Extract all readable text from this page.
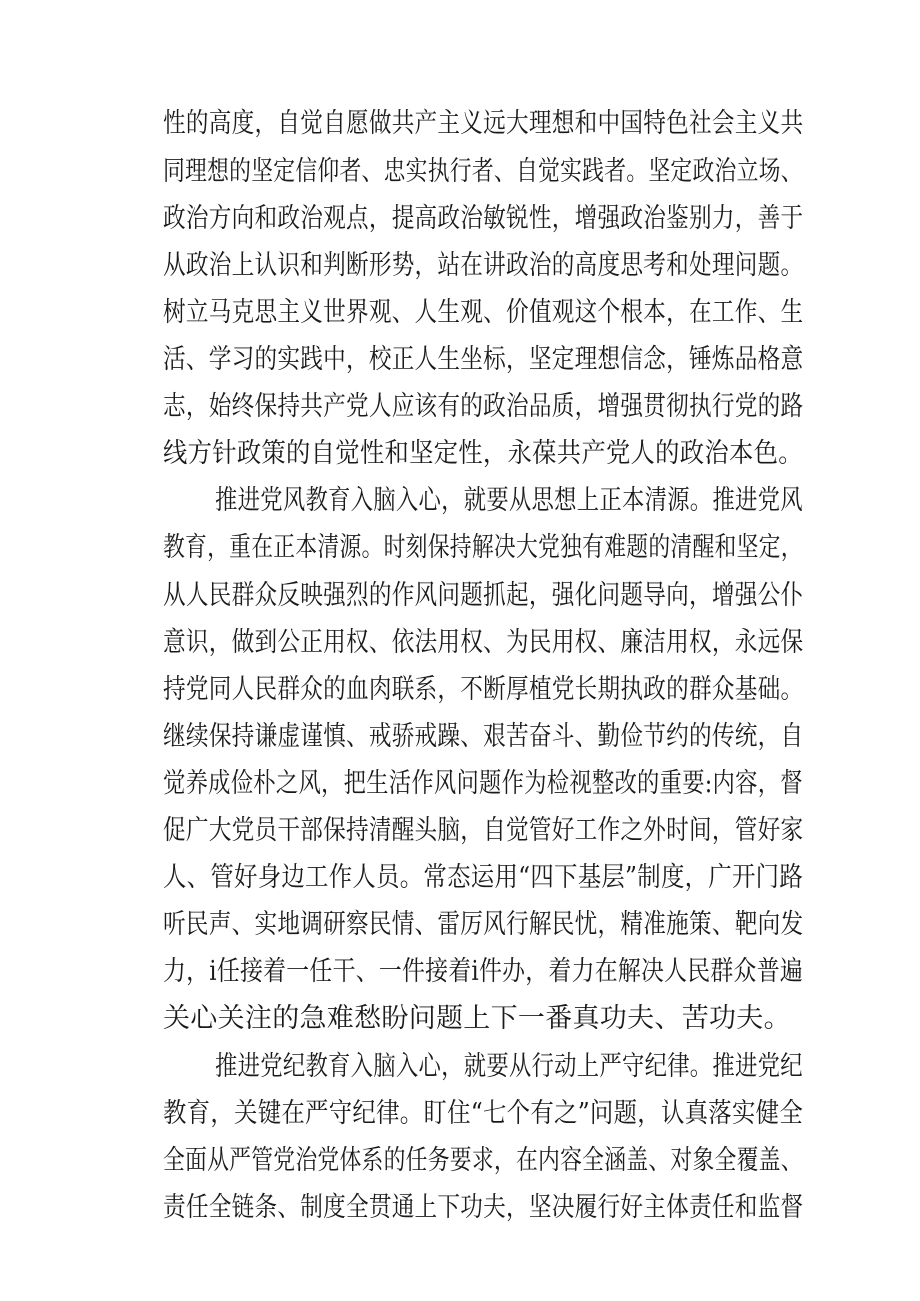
性的高度，自觉自愿做共产主义远大理想和中国特色社会主义共
同理想的坚定信仰者、忠实执行者、自觉实践者。坚定政治立场、
政治方向和政治观点，提高政治敏锐性，增强政治鉴别力，善于
从政治上认识和判断形势，站在讲政治的高度思考和处理问题。
树立马克思主义世界观、人生观、价值观这个根本，在工作、生
活、学习的实践中，校正人生坐标，坚定理想信念，锤炼品格意
志，始终保持共产党人应该有的政治品质，增强贯彻执行党的路
线方针政策的自觉性和坚定性，永葆共产党人的政治本色。
推进党风教育入脑入心，就要从思想上正本清源。推进党风
教育，重在正本清源。时刻保持解决大党独有难题的清醒和坚定，
从人民群众反映强烈的作风问题抓起，强化问题导向，增强公仆
意识，做到公正用权、依法用权、为民用权、廉洁用权，永远保
持党同人民群众的血肉联系，不断厚植党长期执政的群众基础。
继续保持谦虚谨慎、戒骄戒躁、艰苦奋斗、勤俭节约的传统，自
觉养成俭朴之风，把生活作风问题作为检视整改的重要:内容，督
促广大党员干部保持清醒头脑，自觉管好工作之外时间，管好家
人、管好身边工作人员。常态运用“四下基层”制度，广开门路
听民声、实地调研察民情、雷厉风行解民忧，精准施策、靶向发
力，i任接着一任干、一件接着i件办，着力在解决人民群众普遍
关心关注的急难愁盼问题上下一番真功夫、苦功夫。
推进党纪教育入脑入心，就要从行动上严守纪律。推进党纪
教育，关键在严守纪律。盯住“七个有之”问题，认真落实健全
全面从严管党治党体系的任务要求，在内容全涵盖、对象全覆盖、
责任全链条、制度全贯通上下功夫，坚决履行好主体责任和监督
